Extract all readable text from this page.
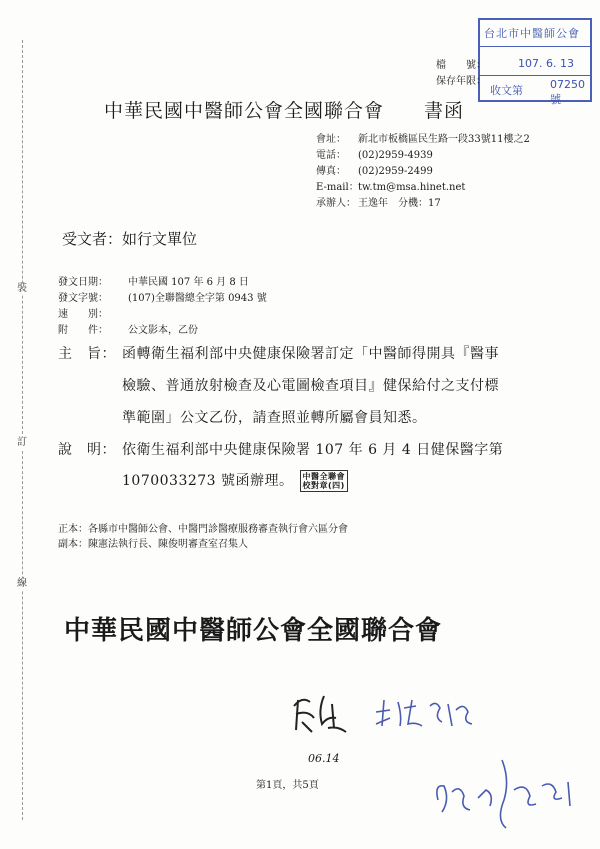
裝
訂
線
台北市中醫師公會
107. 6. 13
收文第 07250號
檔　　號：
保存年限：
中華民國中醫師公會全國聯合會　　書函
會址： 新北市板橋區民生路一段33號11樓之2
電話： (02)2959-4939
傳真： (02)2959-2499
E-mail：tw.tm@msa.hinet.net
承辦人： 王逸年　分機：17
受文者：如行文單位
發文日期： 中華民國 107 年 6 月 8 日
發文字號： (107)全聯醫總全字第 0943 號
速　　別：
附　　件： 公文影本，乙份
主　旨： 函轉衛生福利部中央健康保險署訂定「中醫師得開具『醫事
檢驗、普通放射檢查及心電圖檢查項目』健保給付之支付標
準範圍」公文乙份，請查照並轉所屬會員知悉。
說　明： 依衛生福利部中央健康保險署 107 年 6 月 4 日健保醫字第
1070033273 號函辦理。 中醫全聯會
校對章(四)
正本：各縣市中醫師公會、中醫門診醫療服務審查執行會六區分會
副本：陳憲法執行長、陳俊明審查室召集人
中華民國中醫師公會全國聯合會
06.14
第1頁，共5頁
